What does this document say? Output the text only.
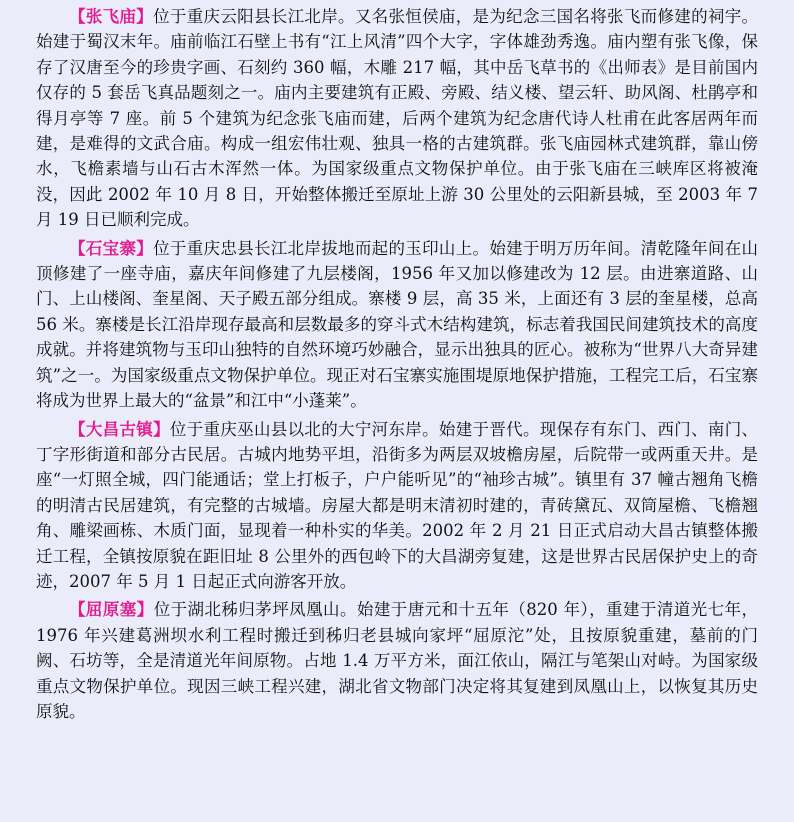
【张飞庙】位于重庆云阳县长江北岸。又名张恒侯庙，是为纪念三国名将张飞而修建的祠宇。始建于蜀汉末年。庙前临江石壁上书有“江上风清”四个大字，字体雄劲秀逸。庙内塑有张飞像，保存了汉唐至今的珍贵字画、石刻约 360 幅，木雕 217 幅，其中岳飞草书的《出师表》是目前国内仅存的 5 套岳飞真品题刻之一。庙内主要建筑有正殿、旁殿、结义楼、望云轩、助风阁、杜鹃亭和得月亭等 7 座。前 5 个建筑为纪念张飞庙而建，后两个建筑为纪念唐代诗人杜甫在此客居两年而建，是难得的文武合庙。构成一组宏伟壮观、独具一格的古建筑群。张飞庙园林式建筑群，靠山傍水，飞檐素墙与山石古木浑然一体。为国家级重点文物保护单位。由于张飞庙在三峡库区将被淹没，因此 2002 年 10 月 8 日，开始整体搬迁至原址上游 30 公里处的云阳新县城，至 2003 年 7 月 19 日已顺利完成。

【石宝寨】位于重庆忠县长江北岸拔地而起的玉印山上。始建于明万历年间。清乾隆年间在山顶修建了一座寺庙，嘉庆年间修建了九层楼阁，1956 年又加以修建改为 12 层。由进寨道路、山门、上山楼阁、奎星阁、天子殿五部分组成。寨楼 9 层，高 35 米，上面还有 3 层的奎星楼，总高 56 米。寨楼是长江沿岸现存最高和层数最多的穿斗式木结构建筑，标志着我国民间建筑技术的高度成就。并将建筑物与玉印山独特的自然环境巧妙融合，显示出独具的匠心。被称为“世界八大奇异建筑”之一。为国家级重点文物保护单位。现正对石宝寨实施围堤原地保护措施，工程完工后，石宝寨将成为世界上最大的“盆景”和江中“小蓬莱”。

【大昌古镇】位于重庆巫山县以北的大宁河东岸。始建于晋代。现保存有东门、西门、南门、丁字形街道和部分古民居。古城内地势平坦，沿街多为两层双坡檐房屋，后院带一或两重天井。是座“一灯照全城，四门能通话；堂上打板子，户户能听见”的“袖珍古城”。镇里有 37 幢古翘角飞檐的明清古民居建筑，有完整的古城墙。房屋大都是明末清初时建的，青砖黛瓦、双筒屋檐、飞檐翘角、雕梁画栋、木质门面，显现着一种朴实的华美。2002 年 2 月 21 日正式启动大昌古镇整体搬迁工程，全镇按原貌在距旧址 8 公里外的西包岭下的大昌湖旁复建，这是世界古民居保护史上的奇迹，2007 年 5 月 1 日起正式向游客开放。

【屈原塞】位于湖北秭归茅坪凤凰山。始建于唐元和十五年（820 年），重建于清道光七年，1976 年兴建葛洲坝水利工程时搬迁到秭归老县城向家坪“屈原沱”处，且按原貌重建，墓前的门阙、石坊等，全是清道光年间原物。占地 1.4 万平方米，面江依山，隔江与笔架山对峙。为国家级重点文物保护单位。现因三峡工程兴建，湖北省文物部门决定将其复建到凤凰山上，以恢复其历史原貌。
